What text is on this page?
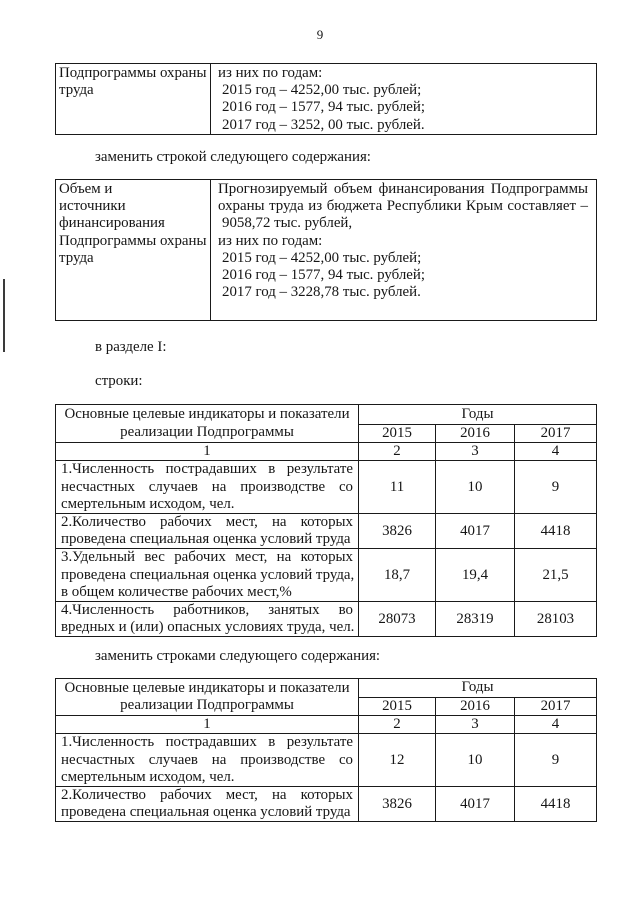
9
Подпрограммы охраны
труда

из них по годам:
2015 год – 4252,00 тыс. рублей;
2016 год – 1577, 94 тыс. рублей;
2017 год – 3252, 00 тыс. рублей.
заменить строкой следующего содержания:
Объем и
источники
финансирования
Подпрограммы охраны
труда

Прогнозируемый объем финансирования Подпрограммы
охраны труда из бюджета Республики Крым составляет –
9058,72 тыс. рублей,
из них по годам:
2015 год – 4252,00 тыс. рублей;
2016 год – 1577, 94 тыс. рублей;
2017 год – 3228,78 тыс. рублей.
в разделе I:
строки:
Основные целевые индикаторы и показатели
реализации Подпрограммы	Годы		
	2015	2016	2017
1	2	3	4

1.Численность пострадавших в результате
несчастных случаев на производстве со
смертельным исходом, чел.	11	10	9

2.Количество рабочих мест, на которых
проведена специальная оценка условий труда	3826	4017	4418

3.Удельный вес рабочих мест, на которых
проведена специальная оценка условий труда,
в общем количестве рабочих мест,%	18,7	19,4	21,5

4.Численность работников, занятых во
вредных и (или) опасных условиях труда, чел.	28073	28319	28103
заменить строками следующего содержания:
Основные целевые индикаторы и показатели
реализации Подпрограммы	Годы		
	2015	2016	2017
1	2	3	4

1.Численность пострадавших в результате
несчастных случаев на производстве со
смертельным исходом, чел.	12	10	9

2.Количество рабочих мест, на которых
проведена специальная оценка условий труда	3826	4017	4418
